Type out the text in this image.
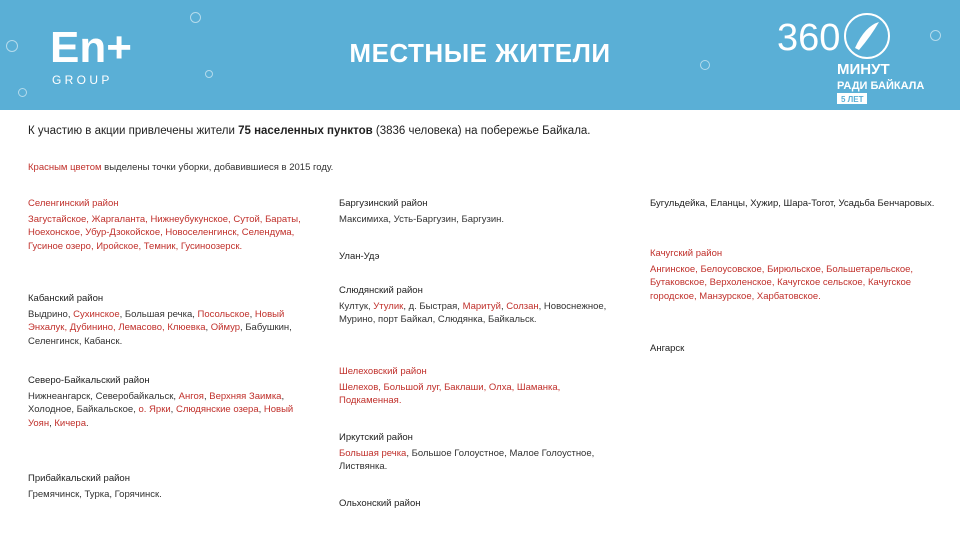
En+
G R O U P
МЕСТНЫЕ ЖИТЕЛИ	360
МИНУТ
РАДИ БАЙКАЛА
5 ЛЕТ
К участию в акции привлечены жители 75 населенных пунктов (3836 человека) на побережье Байкала.
Красным цветом выделены точки уборки, добавившиеся в 2015 году.
Селенгинский район
Загустайское, Жаргаланта, Нижнеубукунское, Сутой, Бараты, Ноехонское, Убур-Дзокойское, Новоселенгинск, Селендума, Гусиное озеро, Ироӣское, Темник, Гусиноозерск.
Кабанский район
Выдрино, Сухинское, Большая речка, Посольское, Новый Энхалук, Дубинино, Лемасово, Клюевка, Оймур, Бабушкин, Селенгинск, Кабанск.
Северо-Байкальский район
Нижнеангарск, Северобайкальск, Ангоя, Верхняя Заимка, Холодное, Байкальское, о. Ярки, Слюдянские озера, Новый Уоян, Кичера.
Прибайкальский район
Гремячинск, Турка, Горячинск.
Баргузинский район
Максимиха, Усть-Баргузин, Баргузин.
Улан-Удэ
Слюдянский район
Култук, Утулик, д. Быстрая, Маритуй, Солзан, Новоснежное, Мурино, порт Байкал, Слюдянка, Байкальск.
Шелеховский район
Шелехов, Большой луг, Баклаши, Олха, Шаманка, Подкаменная.
Иркутский район
Большая речка, Большое Голоустное, Малое Голоустное, Листвянка.
Ольхонский район
Бугульдейка, Еланцы, Хужир, Шара-Тогот, Усадьба Бенчаровых.
Качугский район
Ангинское, Белоусовское, Бирюльское, Большетарельское, Бутаковское, Верхоленское, Качугское сельское, Качугское городское, Манзурское, Харбатовское.
Ангарск
